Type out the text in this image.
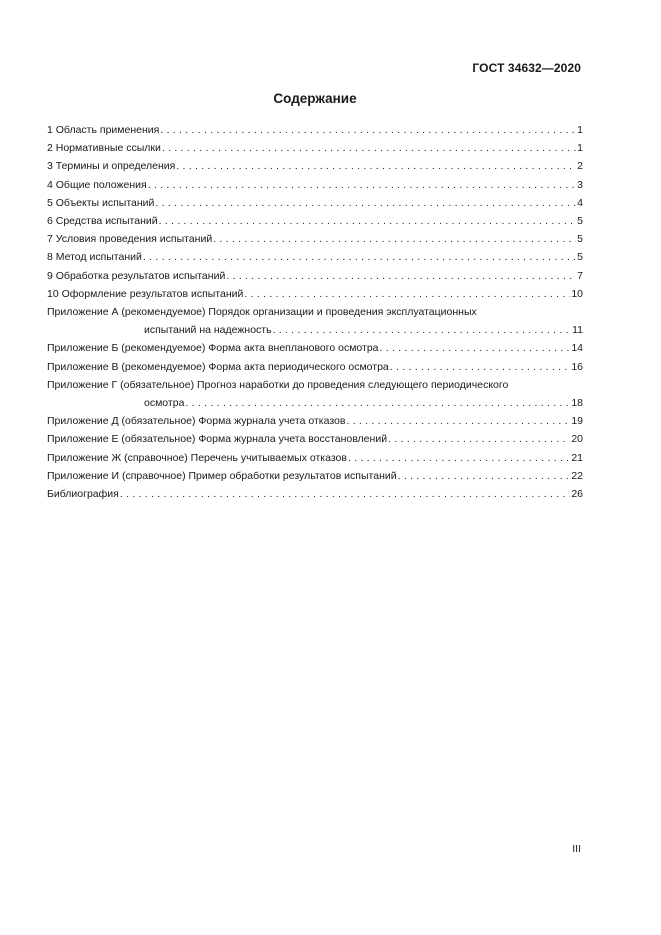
ГОСТ 34632—2020
Содержание
1 Область применения . . .	1
2 Нормативные ссылки . . .	1
3 Термины и определения . . .	2
4 Общие положения . . .	3
5 Объекты испытаний . . .	4
6 Средства испытаний . . .	5
7 Условия проведения испытаний . . .	5
8 Метод испытаний . . .	5
9 Обработка результатов испытаний . . .	7
10 Оформление результатов испытаний . . .	10
Приложение А (рекомендуемое) Порядок организации и проведения эксплуатационных
испытаний на надежность . . .	11
Приложение Б (рекомендуемое) Форма акта внепланового осмотра . . .	14
Приложение В (рекомендуемое) Форма акта периодического осмотра . . .	16
Приложение Г (обязательное) Прогноз наработки до проведения следующего периодического
осмотра . . .	18
Приложение Д (обязательное) Форма журнала учета отказов . . .	19
Приложение Е (обязательное) Форма журнала учета восстановлений . . .	20
Приложение Ж (справочное) Перечень учитываемых отказов . . .	21
Приложение И (справочное) Пример обработки результатов испытаний . . .	22
Библиография . . .	26
III
